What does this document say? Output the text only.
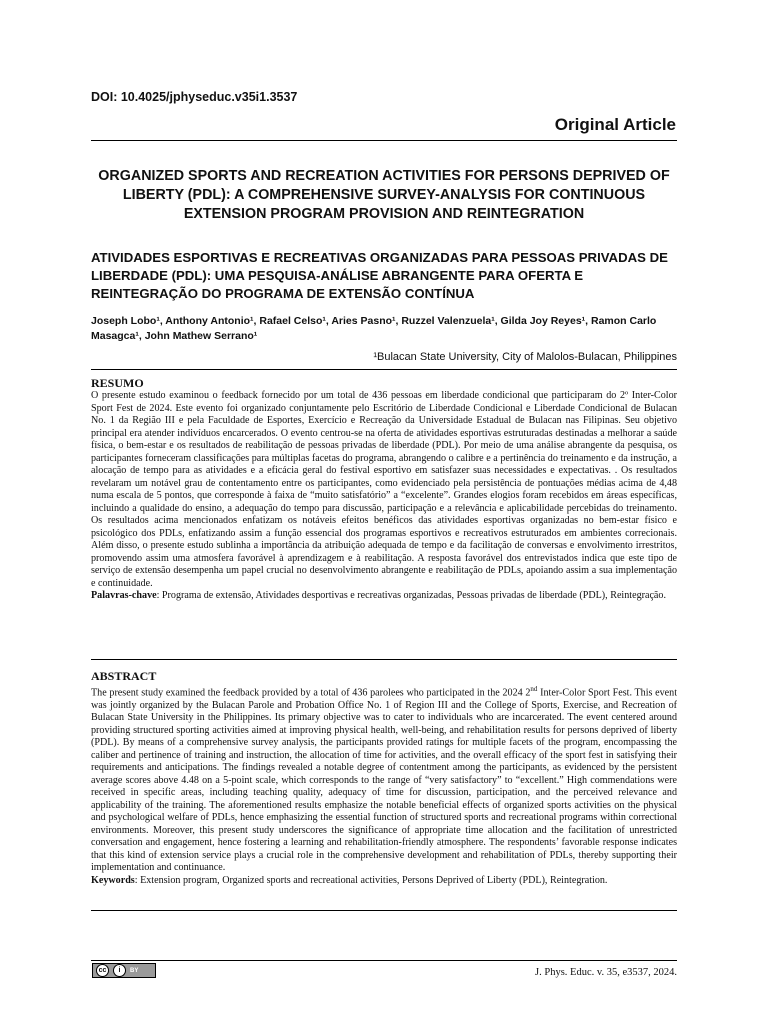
DOI: 10.4025/jphyseduc.v35i1.3537
Original Article
ORGANIZED SPORTS AND RECREATION ACTIVITIES FOR PERSONS DEPRIVED OF LIBERTY (PDL): A COMPREHENSIVE SURVEY-ANALYSIS FOR CONTINUOUS EXTENSION PROGRAM PROVISION AND REINTEGRATION
ATIVIDADES ESPORTIVAS E RECREATIVAS ORGANIZADAS PARA PESSOAS PRIVADAS DE LIBERDADE (PDL): UMA PESQUISA-ANÁLISE ABRANGENTE PARA OFERTA E REINTEGRAÇÃO DO PROGRAMA DE EXTENSÃO CONTÍNUA
Joseph Lobo¹, Anthony Antonio¹, Rafael Celso¹, Aries Pasno¹, Ruzzel Valenzuela¹, Gilda Joy Reyes¹, Ramon Carlo Masagca¹, John Mathew Serrano¹
¹Bulacan State University, City of Malolos-Bulacan, Philippines
RESUMO
O presente estudo examinou o feedback fornecido por um total de 436 pessoas em liberdade condicional que participaram do 2º Inter-Color Sport Fest de 2024. Este evento foi organizado conjuntamente pelo Escritório de Liberdade Condicional e Liberdade Condicional de Bulacan No. 1 da Região III e pela Faculdade de Esportes, Exercício e Recreação da Universidade Estadual de Bulacan nas Filipinas. Seu objetivo principal era atender indivíduos encarcerados. O evento centrou-se na oferta de atividades esportivas estruturadas destinadas a melhorar a saúde física, o bem-estar e os resultados de reabilitação de pessoas privadas de liberdade (PDL). Por meio de uma análise abrangente da pesquisa, os participantes forneceram classificações para múltiplas facetas do programa, abrangendo o calibre e a pertinência do treinamento e da instrução, a alocação de tempo para as atividades e a eficácia geral do festival esportivo em satisfazer suas necessidades e expectativas. . Os resultados revelaram um notável grau de contentamento entre os participantes, como evidenciado pela persistência de pontuações médias acima de 4,48 numa escala de 5 pontos, que corresponde à faixa de “muito satisfatório” a “excelente”. Grandes elogios foram recebidos em áreas específicas, incluindo a qualidade do ensino, a adequação do tempo para discussão, participação e a relevância e aplicabilidade percebidas do treinamento. Os resultados acima mencionados enfatizam os notáveis efeitos benéficos das atividades esportivas organizadas no bem-estar físico e psicológico dos PDLs, enfatizando assim a função essencial dos programas esportivos e recreativos estruturados em ambientes correcionais. Além disso, o presente estudo sublinha a importância da atribuição adequada de tempo e da facilitação de conversas e envolvimento irrestritos, promovendo assim uma atmosfera favorável à aprendizagem e à reabilitação. A resposta favorável dos entrevistados indica que este tipo de serviço de extensão desempenha um papel crucial no desenvolvimento abrangente e reabilitação de PDLs, apoiando assim a sua implementação e continuidade.
Palavras-chave: Programa de extensão, Atividades desportivas e recreativas organizadas, Pessoas privadas de liberdade (PDL), Reintegração.
ABSTRACT
The present study examined the feedback provided by a total of 436 parolees who participated in the 2024 2nd Inter-Color Sport Fest. This event was jointly organized by the Bulacan Parole and Probation Office No. 1 of Region III and the College of Sports, Exercise, and Recreation of Bulacan State University in the Philippines. Its primary objective was to cater to individuals who are incarcerated. The event centered around providing structured sporting activities aimed at improving physical health, well-being, and rehabilitation results for persons deprived of liberty (PDL). By means of a comprehensive survey analysis, the participants provided ratings for multiple facets of the program, encompassing the caliber and pertinence of training and instruction, the allocation of time for activities, and the overall efficacy of the sport fest in satisfying their requirements and anticipations. The findings revealed a notable degree of contentment among the participants, as evidenced by the persistent average scores above 4.48 on a 5-point scale, which corresponds to the range of “very satisfactory” to “excellent.” High commendations were received in specific areas, including teaching quality, adequacy of time for discussion, participation, and the perceived relevance and applicability of the training. The aforementioned results emphasize the notable beneficial effects of organized sports activities on the physical and psychological welfare of PDLs, hence emphasizing the essential function of structured sports and recreational programs within correctional environments. Moreover, this present study underscores the significance of appropriate time allocation and the facilitation of unrestricted conversation and engagement, hence fostering a learning and rehabilitation-friendly atmosphere. The respondents’ favorable response indicates that this kind of extension service plays a crucial role in the comprehensive development and rehabilitation of PDLs, thereby supporting their implementation and continuance.
Keywords: Extension program, Organized sports and recreational activities, Persons Deprived of Liberty (PDL), Reintegration.
cc	i	BY	J. Phys. Educ. v. 35, e3537, 2024.
